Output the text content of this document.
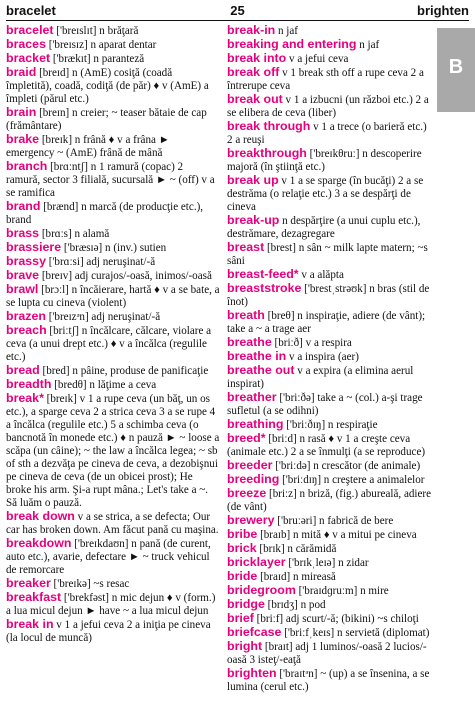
bracelet	25	brighten
B

bracelet ['breɪslɪt] n brăţară

braces ['breɪsɪz] n aparat dentar

bracket ['brækɪt] n paranteză

braid [breɪd] n (AmE) cosiţă (coadă împletită), coadă, codiţă (de păr) ♦ v (AmE) a împleti (părul etc.)

brain [breɪn] n creier; ~ teaser bătaie de cap (frământare)

brake [breɪk] n frână ♦ v a frâna ► emergency ~ (AmE) frână de mână

branch [brɑːntʃ] n 1 ramură (copac) 2 ramură, sector 3 filială, sucursală ► ~ (off) v a se ramifica

brand [brænd] n marcă (de producţie etc.), brand

brass [brɑːs] n alamă

brassiere ['bræsɪə] n (inv.) sutien

brassy ['brɑːsi] adj neruşinat/-ă

brave [breɪv] adj curajos/-oasă, inimos/-oasă

brawl [brɔːl] n încăierare, hartă ♦ v a se bate, a se lupta cu cineva (violent)

brazen ['breɪzᵊn] adj neruşinat/-ă

breach [briːtʃ] n încălcare, călcare, violare a ceva (a unui drept etc.) ♦ v a încălca (regulile etc.)

bread [bred] n pâine, produse de panificaţie

breadth [bredθ] n lăţime a ceva

break* [breɪk] v 1 a rupe ceva (un băţ, un os etc.), a sparge ceva 2 a strica ceva 3 a se rupe 4 a încălca (regulile etc.) 5 a schimba ceva (o bancnotă în monede etc.) ♦ n pauză ► ~ loose a scăpa (un câine); ~ the law a încălca legea; ~ sb of sth a dezvăţa pe cineva de ceva, a dezobişnui pe cineva de ceva (de un obicei prost); He broke his arm. Şi-a rupt mâna.; Let's take a ~. Să luăm o pauză.

break down v a se strica, a se defecta; Our car has broken down. Am făcut pană cu maşina.

breakdown ['breɪkdaʊn] n pană (de curent, auto etc.), avarie, defectare ► ~ truck vehicul de remorcare

breaker ['breɪkə] ~s resac

breakfast ['brekfəst] n mic dejun ♦ v (form.) a lua micul dejun ► have ~ a lua micul dejun

break in v 1 a jefui ceva 2 a iniţia pe cineva (la locul de muncă)

break-in n jaf

breaking and entering n jaf

break into v a jefui ceva

break off v 1 break sth off a rupe ceva 2 a întrerupe ceva

break out v 1 a izbucni (un război etc.) 2 a se elibera de ceva (liber)

break through v 1 a trece (o barieră etc.) 2 a reuşi

breakthrough ['breɪkθruː] n descoperire majoră (în ştiinţă etc.)

break up v 1 a se sparge (în bucăţi) 2 a se destrăma (o relaţie etc.) 3 a se despărţi de cineva

break-up n despărţire (a unui cuplu etc.), destrămare, dezagregare

breast [brest] n sân ~ milk lapte matern; ~s sâni

breast-feed* v a alăpta

breaststroke ['brestˌstrəʊk] n bras (stil de înot)

breath [breθ] n inspiraţie, adiere (de vânt); take a ~ a trage aer

breathe [briːð] v a respira

breathe in v a inspira (aer)

breathe out v a expira (a elimina aerul inspirat)

breather ['briːðə] take a ~ (col.) a-şi trage sufletul (a se odihni)

breathing ['briːðɪŋ] n respiraţie

breed* [briːd] n rasă ♦ v 1 a creşte ceva (animale etc.) 2 a se înmulţi (a se reproduce)

breeder ['briːdə] n crescător (de animale)

breeding ['briːdɪŋ] n creştere a animalelor

breeze [briːz] n briză, (fig.) abureală, adiere (de vânt)

brewery ['bruːəri] n fabrică de bere

bribe [braɪb] n mită ♦ v a mitui pe cineva

brick [brɪk] n cărămidă

bricklayer ['brɪkˌleɪə] n zidar

bride [braɪd] n mireasă

bridegroom ['braɪdɡruːm] n mire

bridge [brɪdʒ] n pod

brief [briːf] adj scurt/-ă; (bikini) ~s chiloţi

briefcase ['briːfˌkeɪs] n servietă (diplomat)

bright [braɪt] adj 1 luminos/-oasă 2 lucios/-oasă 3 isteţ/-eaţă

brighten ['braɪtᵊn] ~ (up) a se însenina, a se lumina (cerul etc.)
